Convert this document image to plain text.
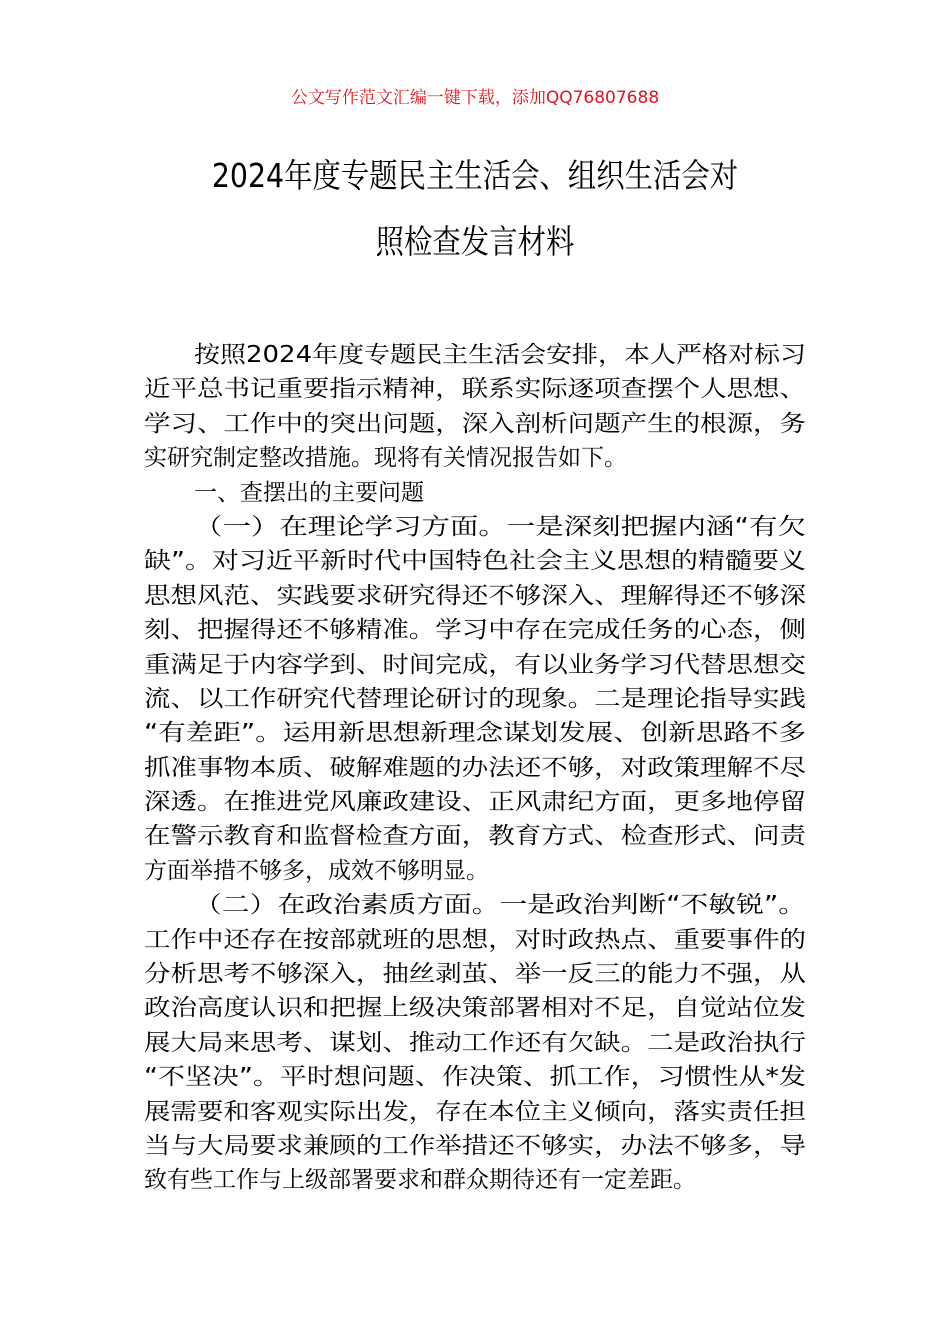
公文写作范文汇编一键下载，添加QQ76807688
2024年度专题民主生活会、组织生活会对
照检查发言材料
按照2024年度专题民主生活会安排，本人严格对标习
近平总书记重要指示精神，联系实际逐项查摆个人思想、
学习、工作中的突出问题，深入剖析问题产生的根源，务
实研究制定整改措施。现将有关情况报告如下。
一、查摆出的主要问题
（一）在理论学习方面。一是深刻把握内涵“有欠
缺”。对习近平新时代中国特色社会主义思想的精髓要义
思想风范、实践要求研究得还不够深入、理解得还不够深
刻、把握得还不够精准。学习中存在完成任务的心态，侧
重满足于内容学到、时间完成，有以业务学习代替思想交
流、以工作研究代替理论研讨的现象。二是理论指导实践
“有差距”。运用新思想新理念谋划发展、创新思路不多
抓准事物本质、破解难题的办法还不够，对政策理解不尽
深透。在推进党风廉政建设、正风肃纪方面，更多地停留
在警示教育和监督检查方面，教育方式、检查形式、问责
方面举措不够多，成效不够明显。
（二）在政治素质方面。一是政治判断“不敏锐”。
工作中还存在按部就班的思想，对时政热点、重要事件的
分析思考不够深入，抽丝剥茧、举一反三的能力不强，从
政治高度认识和把握上级决策部署相对不足，自觉站位发
展大局来思考、谋划、推动工作还有欠缺。二是政治执行
“不坚决”。平时想问题、作决策、抓工作，习惯性从*发
展需要和客观实际出发，存在本位主义倾向，落实责任担
当与大局要求兼顾的工作举措还不够实，办法不够多，导
致有些工作与上级部署要求和群众期待还有一定差距。
